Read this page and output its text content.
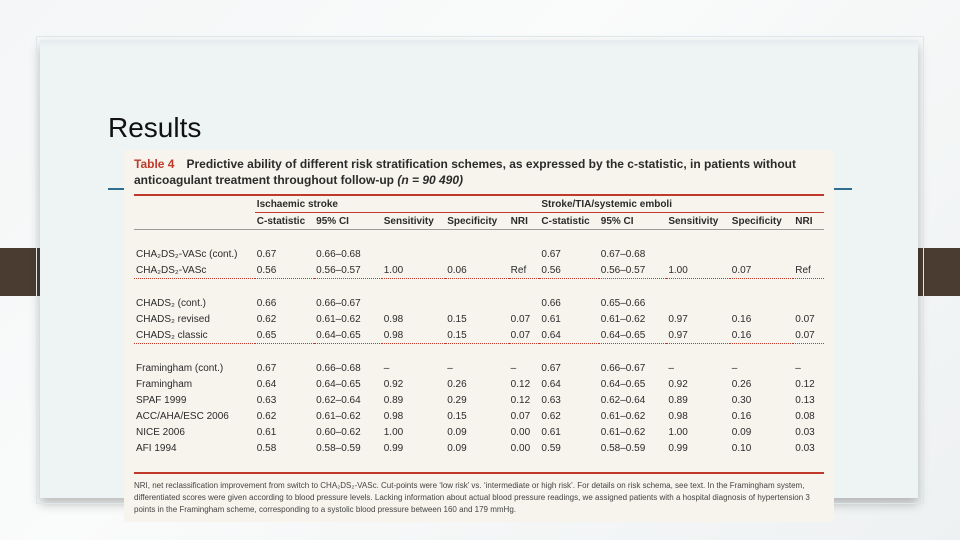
Results
Table 4 Predictive ability of different risk stratification schemes, as expressed by the c-statistic, in patients without anticoagulant treatment throughout follow-up (n = 90 490)
	Ischaemic stroke					Stroke/TIA/systemic emboli				
	C-statistic	95% CI	Sensitivity	Specificity	NRI	C-statistic	95% CI	Sensitivity	Specificity	NRI

CHA₂DS₂-VASc (cont.)	0.67	0.66–0.68				0.67	0.67–0.68			
CHA₂DS₂-VASc	0.56	0.56–0.57	1.00	0.06	Ref	0.56	0.56–0.57	1.00	0.07	Ref

CHADS₂ (cont.)	0.66	0.66–0.67				0.66	0.65–0.66			
CHADS₂ revised	0.62	0.61–0.62	0.98	0.15	0.07	0.61	0.61–0.62	0.97	0.16	0.07
CHADS₂ classic	0.65	0.64–0.65	0.98	0.15	0.07	0.64	0.64–0.65	0.97	0.16	0.07

Framingham (cont.)	0.67	0.66–0.68	–	–	–	0.67	0.66–0.67	–	–	–
Framingham	0.64	0.64–0.65	0.92	0.26	0.12	0.64	0.64–0.65	0.92	0.26	0.12
SPAF 1999	0.63	0.62–0.64	0.89	0.29	0.12	0.63	0.62–0.64	0.89	0.30	0.13
ACC/AHA/ESC 2006	0.62	0.61–0.62	0.98	0.15	0.07	0.62	0.61–0.62	0.98	0.16	0.08
NICE 2006	0.61	0.60–0.62	1.00	0.09	0.00	0.61	0.61–0.62	1.00	0.09	0.03
AFI 1994	0.58	0.58–0.59	0.99	0.09	0.00	0.59	0.58–0.59	0.99	0.10	0.03

NRI, net reclassification improvement from switch to CHA₂DS₂-VASc. Cut-points were ‘low risk’ vs. ‘intermediate or high risk’. For details on risk schema, see text. In the Framingham system, differentiated scores were given according to blood pressure levels. Lacking information about actual blood pressure readings, we assigned patients with a hospital diagnosis of hypertension 3 points in the Framingham scheme, corresponding to a systolic blood pressure between 160 and 179 mmHg.
